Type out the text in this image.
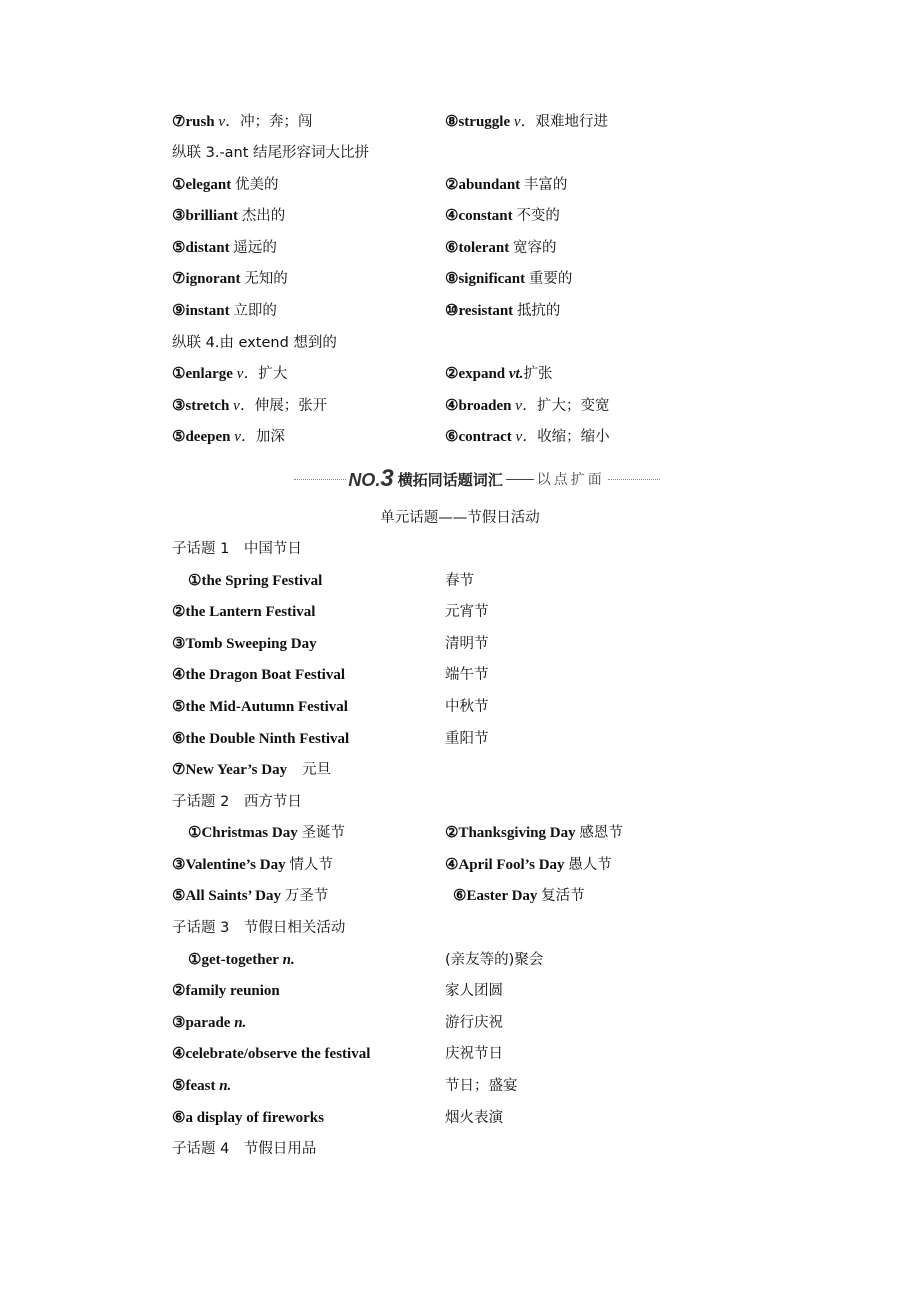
⑦rush v．冲；奔；闯	⑧struggle v．艰难地行进
纵联 3.-ant 结尾形容词大比拼
①elegant 优美的	②abundant 丰富的
③brilliant 杰出的	④constant 不变的
⑤distant 遥远的	⑥tolerant 宽容的
⑦ignorant 无知的	⑧significant 重要的
⑨instant 立即的	⑩resistant 抵抗的
纵联 4.由 extend 想到的
①enlarge v．扩大	②expand vt.扩张
③stretch v．伸展；张开	④broaden v．扩大；变宽
⑤deepen v．加深	⑥contract v．收缩；缩小
NO.3 横拓同话题词汇 以点扩面
单元话题——节假日活动
子话题 1　中国节日
①the Spring Festival	春节
②the Lantern Festival	元宵节
③Tomb Sweeping Day	清明节
④the Dragon Boat Festival	端午节
⑤the Mid-Autumn Festival	中秋节
⑥the Double Ninth Festival	重阳节
⑦New Year’s Day　 元旦
子话题 2　西方节日
①Christmas Day 圣诞节	②Thanksgiving Day 感恩节
③Valentine’s Day 情人节	④April Fool’s Day 愚人节
⑤All Saints’ Day 万圣节	⑥Easter Day 复活节
子话题 3　节假日相关活动
①get-together n.	(亲友等的)聚会
②family reunion	家人团圆
③parade n.	游行庆祝
④celebrate/observe the festival	庆祝节日
⑤feast n.	节日；盛宴
⑥a display of fireworks	烟火表演
子话题 4　节假日用品
